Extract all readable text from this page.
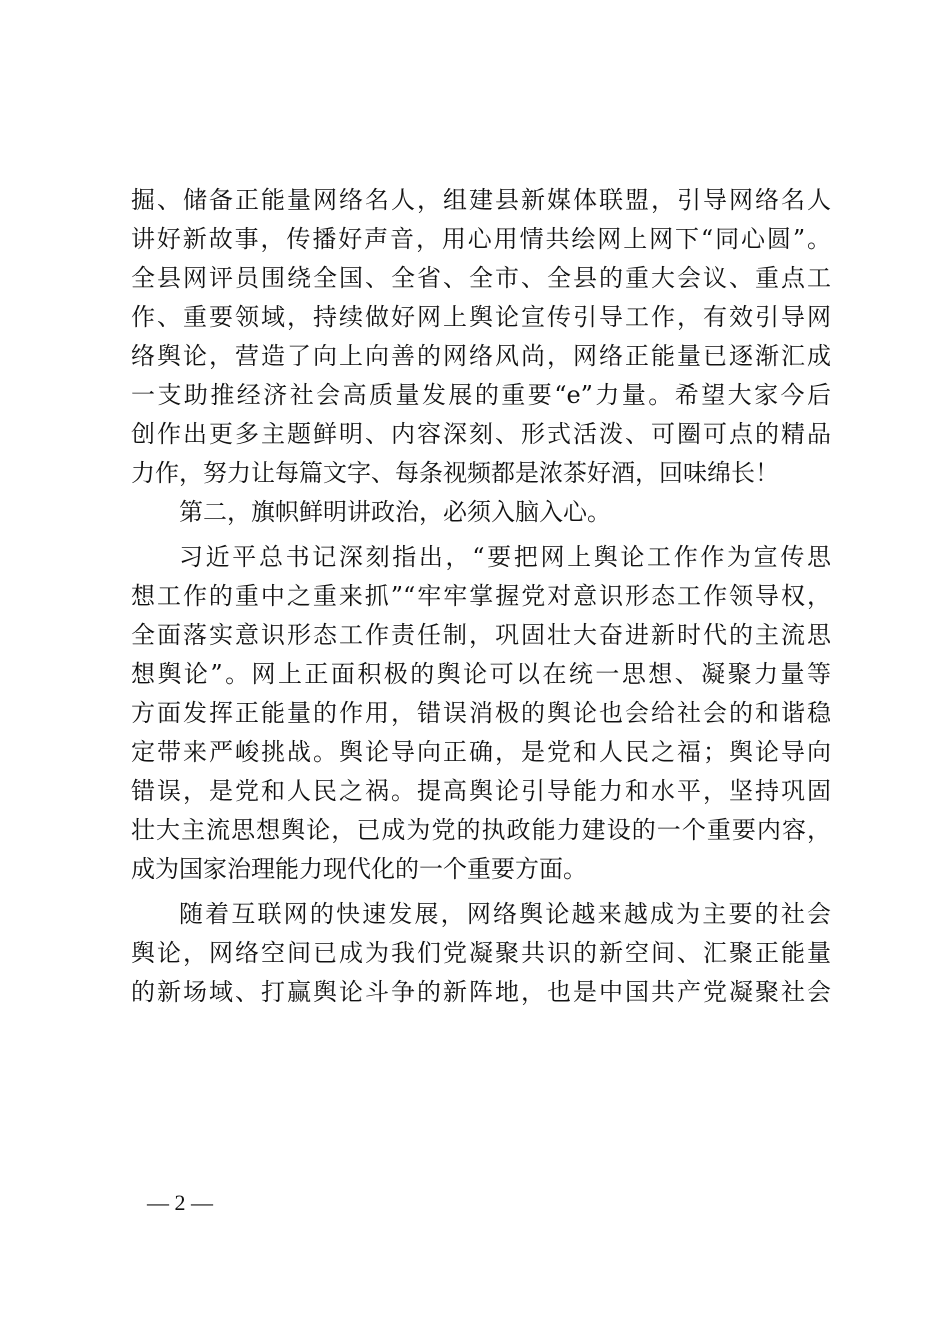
掘、储备正能量网络名人，组建县新媒体联盟，引导网络名人
讲好新故事，传播好声音，用心用情共绘网上网下“同心圆”。
全县网评员围绕全国、全省、全市、全县的重大会议、重点工
作、重要领域，持续做好网上舆论宣传引导工作，有效引导网
络舆论，营造了向上向善的网络风尚，网络正能量已逐渐汇成
一支助推经济社会高质量发展的重要“e”力量。希望大家今后
创作出更多主题鲜明、内容深刻、形式活泼、可圈可点的精品
力作，努力让每篇文字、每条视频都是浓茶好酒，回味绵长！
第二，旗帜鲜明讲政治，必须入脑入心。
习近平总书记深刻指出，“要把网上舆论工作作为宣传思
想工作的重中之重来抓”“牢牢掌握党对意识形态工作领导权，
全面落实意识形态工作责任制，巩固壮大奋进新时代的主流思
想舆论”。网上正面积极的舆论可以在统一思想、凝聚力量等
方面发挥正能量的作用，错误消极的舆论也会给社会的和谐稳
定带来严峻挑战。舆论导向正确，是党和人民之福；舆论导向
错误，是党和人民之祸。提高舆论引导能力和水平，坚持巩固
壮大主流思想舆论，已成为党的执政能力建设的一个重要内容，
成为国家治理能力现代化的一个重要方面。
随着互联网的快速发展，网络舆论越来越成为主要的社会
舆论，网络空间已成为我们党凝聚共识的新空间、汇聚正能量
的新场域、打赢舆论斗争的新阵地，也是中国共产党凝聚社会
— 2 —
